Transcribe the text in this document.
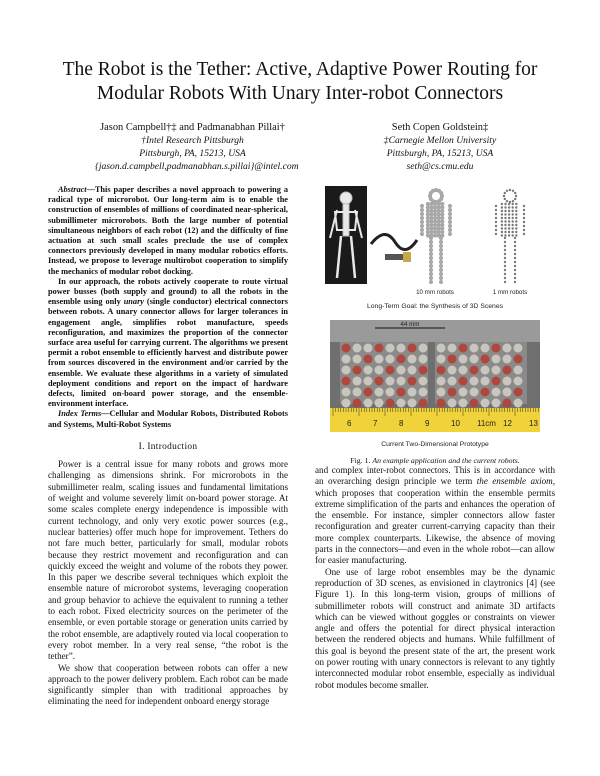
The Robot is the Tether: Active, Adaptive Power Routing for
Modular Robots With Unary Inter-robot Connectors
Jason Campbell†‡ and Padmanabhan Pillai†
†Intel Research Pittsburgh
Pittsburgh, PA, 15213, USA
{jason.d.campbell,padmanabhan.s.pillai}@intel.com
Seth Copen Goldstein‡
‡Carnegie Mellon University
Pittsburgh, PA, 15213, USA
seth@cs.cmu.edu

Abstract—This paper describes a novel approach to powering a radical type of microrobot. Our long-term aim is to enable the construction of ensembles of millions of coordinated near-spherical, submillimeter microrobots. Both the large number of potential simultaneous neighbors of each robot (12) and the difficulty of fine actuation at such small scales preclude the use of complex connectors previously developed in many modular robotics efforts. Instead, we propose to leverage multirobot cooperation to simplify the mechanics of modular robot docking.

In our approach, the robots actively cooperate to route virtual power busses (both supply and ground) to all the robots in the ensemble using only unary (single conductor) electrical connectors between robots. A unary connector allows for larger tolerances in engagement angle, simplifies robot manufacture, speeds reconfiguration, and maximizes the proportion of the connector surface area useful for carrying current. The algorithms we present permit a robot ensemble to efficiently harvest and distribute power from sources discovered in the environment and/or carried by the ensemble. We evaluate these algorithms in a variety of simulated deployment conditions and report on the impact of hardware defects, limited on-board power storage, and the ensemble-environment interface.

Index Terms—Cellular and Modular Robots, Distributed Robots and Systems, Multi-Robot Systems

I. Introduction

Power is a central issue for many robots and grows more challenging as dimensions shrink. For microrobots in the submillimeter realm, scaling issues and fundamental limitations of weight and volume severely limit on-board power storage. At some scales complete energy independence is impossible with current technology, and only very exotic power sources (e.g., nuclear batteries) offer much hope for improvement. Tethers do not fare much better, particularly for small, modular robots because they restrict movement and reconfiguration and can quickly exceed the weight and volume of the robots they power. In this paper we describe several techniques which exploit the ensemble nature of microrobot systems, leveraging cooperation and group behavior to achieve the equivalent to running a tether to each robot. Fixed electricity sources on the perimeter of the ensemble, or even portable storage or generation units carried by the robot ensemble, are adaptively routed via local cooperation to every robot member. In a very real sense, “the robot is the tether”.

We show that cooperation between robots can offer a new approach to the power delivery problem. Each robot can be made significantly simpler than with traditional approaches by eliminating the need for independent onboard energy storage

10 mm robots	1 mm robots
Long-Term Goal: the Synthesis of 3D Scenes
44 mm
6	7	8	9	10 11cm 12 13
Current Two-Dimensional Prototype
Fig. 1. An example application and the current robots.

and complex inter-robot connectors. This is in accordance with an overarching design principle we term the ensemble axiom, which proposes that cooperation within the ensemble permits extreme simplification of the parts and enhances the operation of the ensemble. For instance, simpler connectors allow faster reconfiguration and greater current-carrying capacity than their more complex counterparts. Likewise, the absence of moving parts in the connectors—and even in the whole robot—can allow for easier manufacturing.

One use of large robot ensembles may be the dynamic reproduction of 3D scenes, as envisioned in claytronics [4] (see Figure 1). In this long-term vision, groups of millions of submillimeter robots will construct and animate 3D artifacts which can be viewed without goggles or constraints on viewer angle and offers the potential for direct physical interaction between the rendered objects and humans. While fulfillment of this goal is beyond the present state of the art, the present work on power routing with unary connectors is relevant to any tightly interconnected modular robot ensemble, especially as individual robot modules become smaller.
